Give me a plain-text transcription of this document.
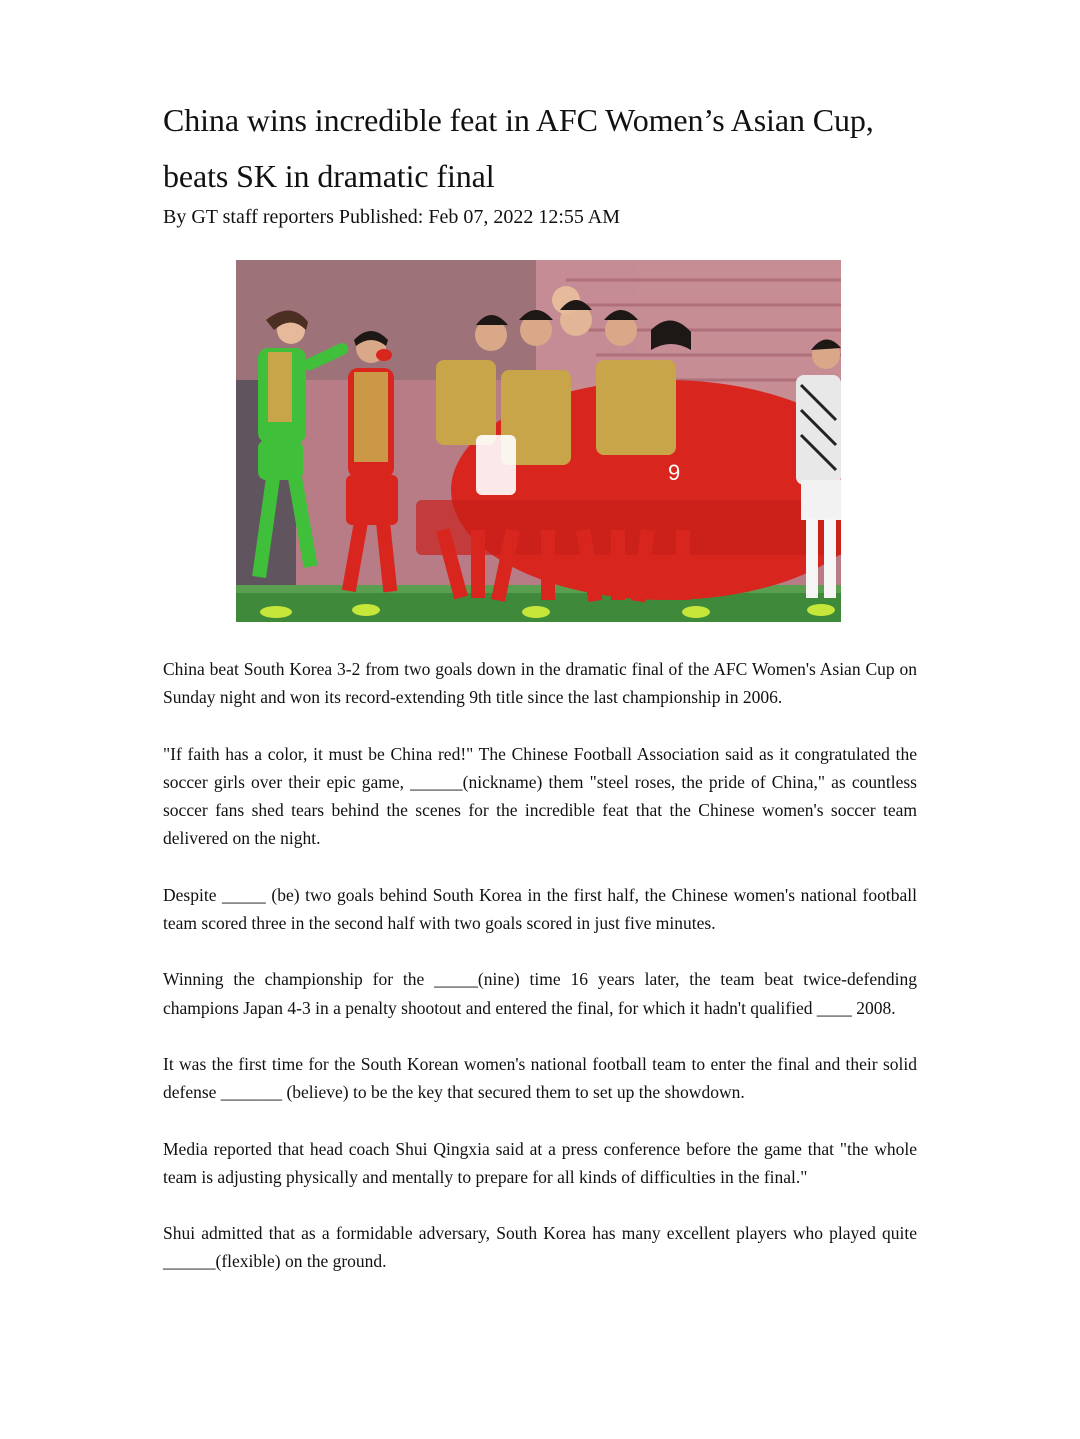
China wins incredible feat in AFC Women’s Asian Cup, beats SK in dramatic final

By GT staff reporters Published: Feb 07, 2022 12:55 AM

9

China beat South Korea 3-2 from two goals down in the dramatic final of the AFC Women's Asian Cup on Sunday night and won its record-extending 9th title since the last championship in 2006.

"If faith has a color, it must be China red!" The Chinese Football Association said as it congratulated the soccer girls over their epic game, ______(nickname) them "steel roses, the pride of China," as countless soccer fans shed tears behind the scenes for the incredible feat that the Chinese women's soccer team delivered on the night.

Despite _____ (be) two goals behind South Korea in the first half, the Chinese women's national football team scored three in the second half with two goals scored in just five minutes.

Winning the championship for the _____(nine) time 16 years later, the team beat twice-defending champions Japan 4-3 in a penalty shootout and entered the final, for which it hadn't qualified ____ 2008.

It was the first time for the South Korean women's national football team to enter the final and their solid defense _______ (believe) to be the key that secured them to set up the showdown.

Media reported that head coach Shui Qingxia said at a press conference before the game that "the whole team is adjusting physically and mentally to prepare for all kinds of difficulties in the final."

Shui admitted that as a formidable adversary, South Korea has many excellent players who played quite ______(flexible) on the ground.
